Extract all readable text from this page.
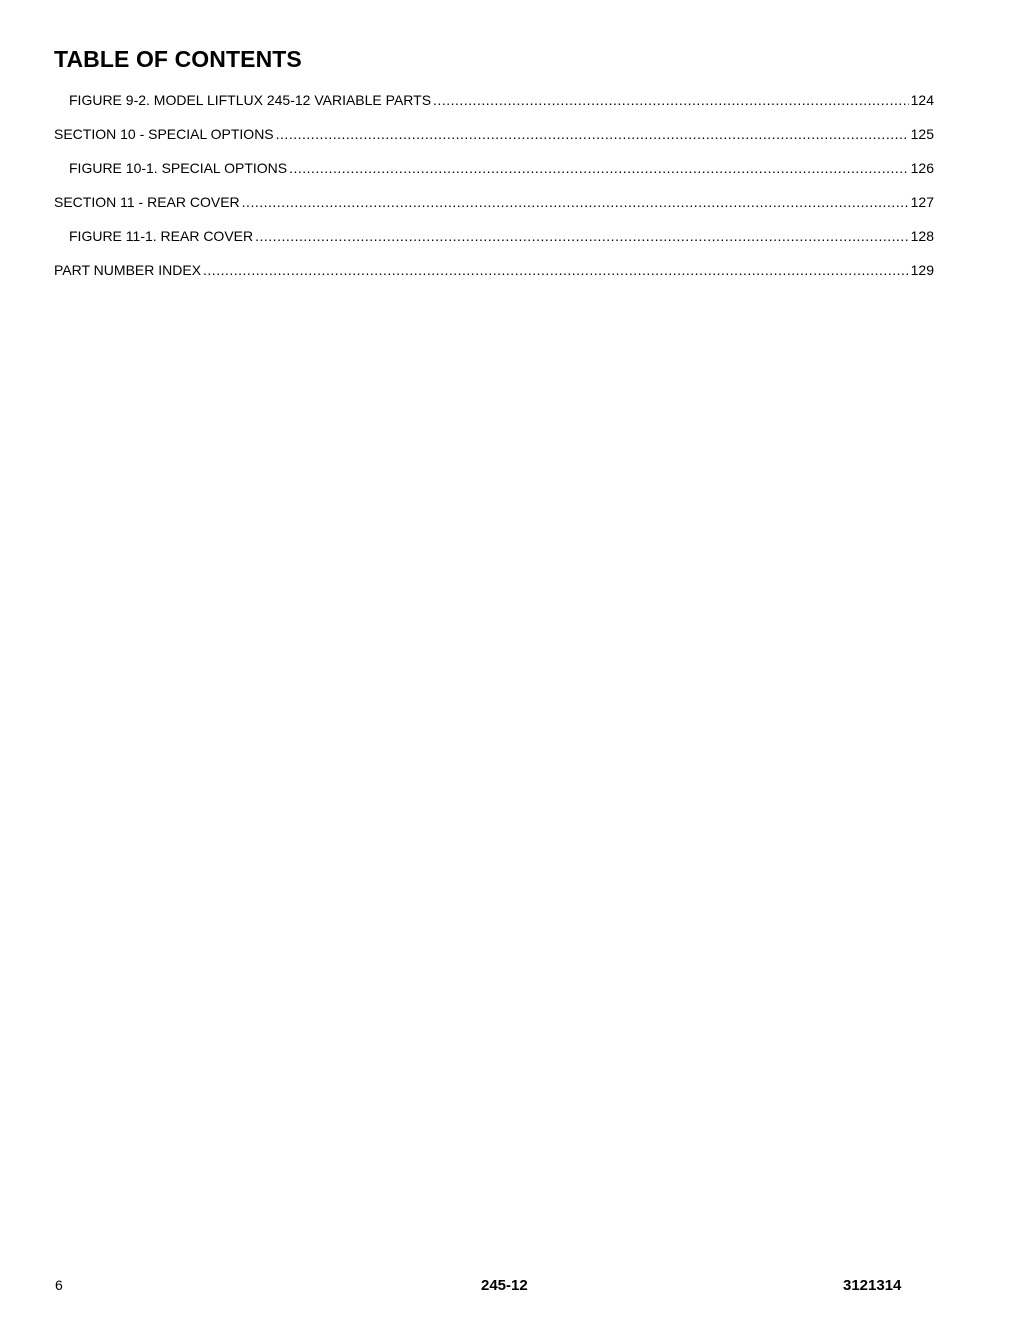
TABLE OF CONTENTS
FIGURE 9-2. MODEL LIFTLUX 245-12 VARIABLE PARTS .....	124
SECTION 10 - SPECIAL OPTIONS .....	125
FIGURE 10-1. SPECIAL OPTIONS .....	126
SECTION 11 - REAR COVER .....	127
FIGURE 11-1. REAR COVER .....	128
PART NUMBER INDEX .....	129
6	245-12	3121314
